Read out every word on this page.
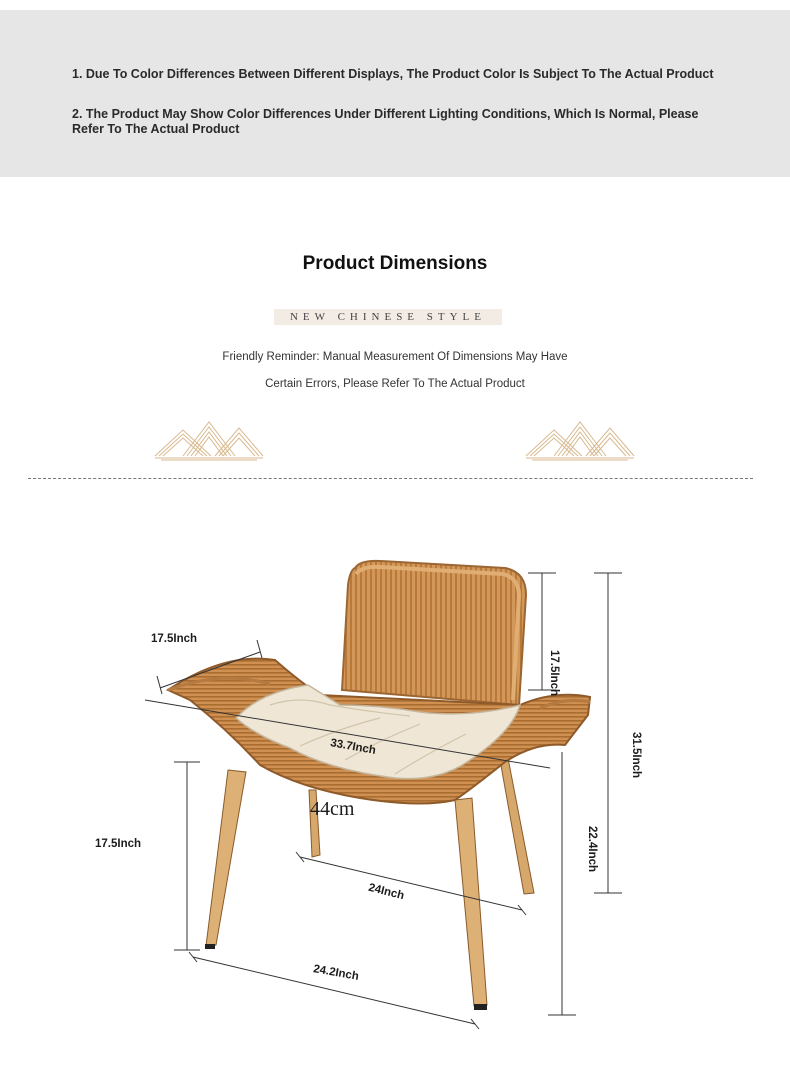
1. Due To Color Differences Between Different Displays, The Product Color Is Subject To The Actual Product

2. The Product May Show Color Differences Under Different Lighting Conditions, Which Is Normal, Please Refer To The Actual Product

Product Dimensions
NEW CHINESE STYLE
Friendly Reminder: Manual Measurement Of Dimensions May Have
Certain Errors, Please Refer To The Actual Product
17.5Inch
31.5Inch
22.4Inch
17.5Inch
33.7Inch
44cm
17.5Inch
24Inch
24.2Inch
